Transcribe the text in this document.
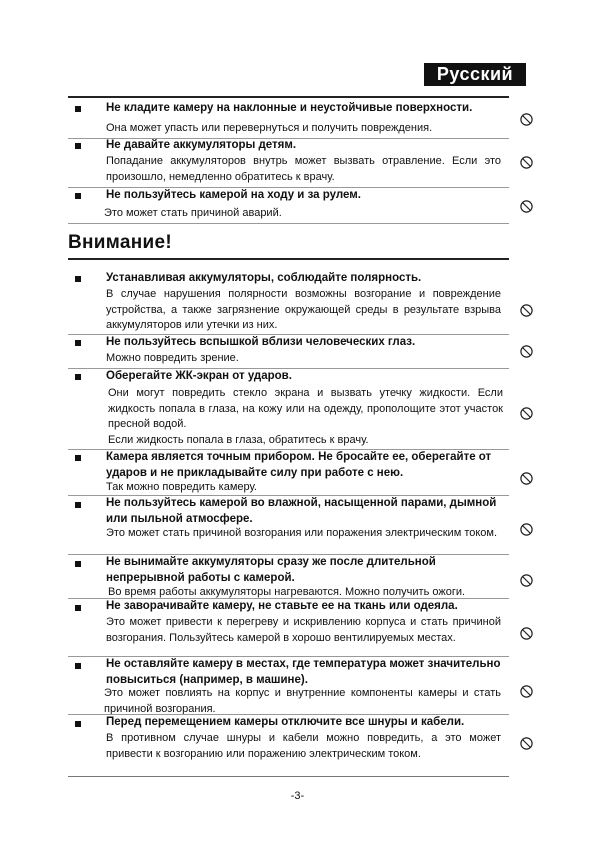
Русский

Не кладите камеру на наклонные и неустойчивые поверхности.

Она может упасть или перевернуться и получить повреждения.

Не давайте аккумуляторы детям.

Попадание аккумуляторов внутрь может вызвать отравление. Если это произошло, немедленно обратитесь к врачу.

Не пользуйтесь камерой на ходу и за рулем.

Это может стать причиной аварий.

Внимание!

Устанавливая аккумуляторы, соблюдайте полярность.

В случае нарушения полярности возможны возгорание и повреждение устройства, а также загрязнение окружающей среды в результате взрыва аккумуляторов или утечки из них.

Не пользуйтесь вспышкой вблизи человеческих глаз.

Можно повредить зрение.

Оберегайте ЖК-экран от ударов.

Они могут повредить стекло экрана и вызвать утечку жидкости. Если жидкость попала в глаза, на кожу или на одежду, прополощите этот участок пресной водой.

Если жидкость попала в глаза, обратитесь к врачу.

Камера является точным прибором. Не бросайте ее, оберегайте от ударов и не прикладывайте силу при работе с нею.

Так можно повредить камеру.

Не пользуйтесь камерой во влажной, насыщенной парами, дымной или пыльной атмосфере.

Это может стать причиной возгорания или поражения электрическим током.

Не вынимайте аккумуляторы сразу же после длительной непрерывной работы с камерой.

Во время работы аккумуляторы нагреваются. Можно получить ожоги.

Не заворачивайте камеру, не ставьте ее на ткань или одеяла.

Это может привести к перегреву и искривлению корпуса и стать причиной возгорания. Пользуйтесь камерой в хорошо вентилируемых местах.

Не оставляйте камеру в местах, где температура может значительно повыситься (например, в машине).

Это может повлиять на корпус и внутренние компоненты камеры и стать причиной возгорания.

Перед перемещением камеры отключите все шнуры и кабели.

В противном случае шнуры и кабели можно повредить, а это может привести к возгоранию или поражению электрическим током.

-3-
